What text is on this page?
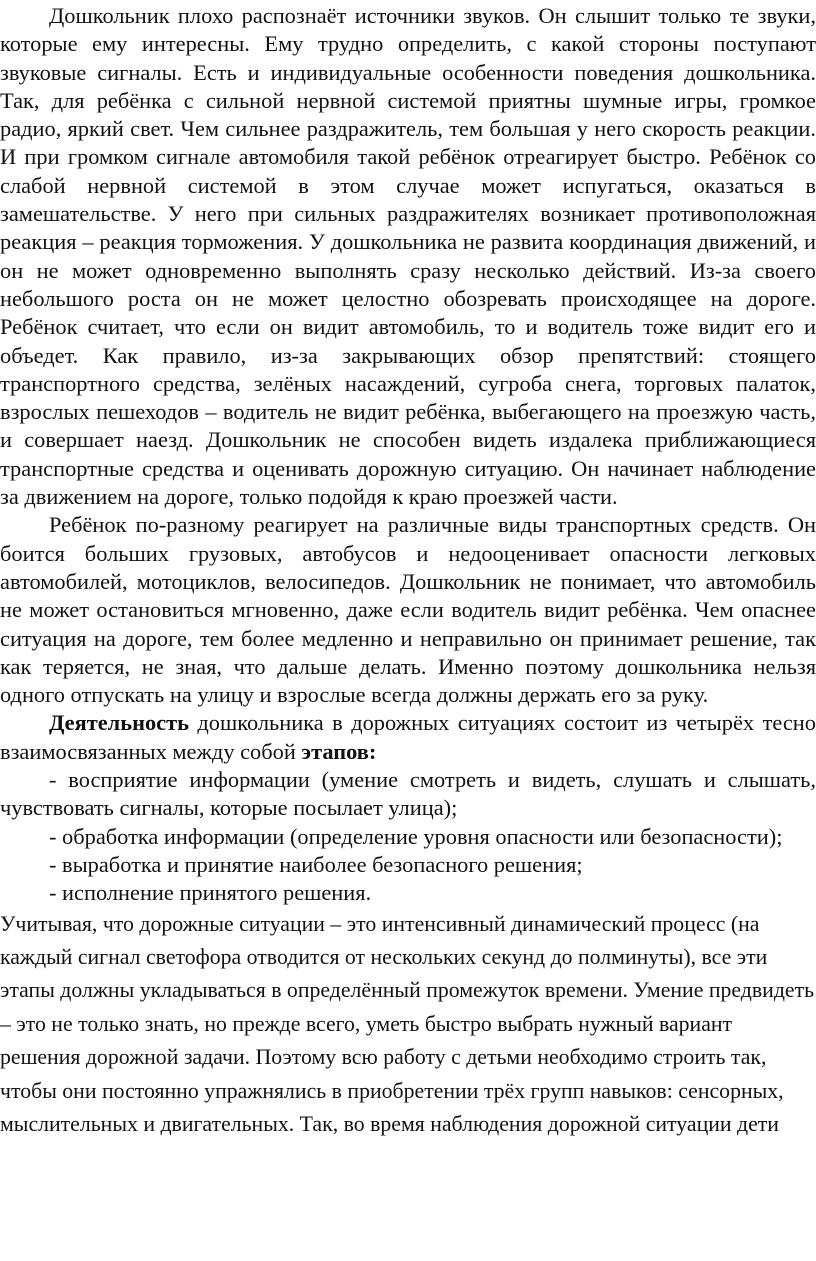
Дошкольник плохо распознаёт источники звуков. Он слышит только те звуки, которые ему интересны. Ему трудно определить, с какой стороны поступают звуковые сигналы. Есть и индивидуальные особенности поведения дошкольника. Так, для ребёнка с сильной нервной системой приятны шумные игры, громкое радио, яркий свет. Чем сильнее раздражитель, тем большая у него скорость реакции. И при громком сигнале автомобиля такой ребёнок отреагирует быстро. Ребёнок со слабой нервной системой в этом случае может испугаться, оказаться в замешательстве. У него при сильных раздражителях возникает противоположная реакция – реакция торможения. У дошкольника не развита координация движений, и он не может одновременно выполнять сразу несколько действий. Из-за своего небольшого роста он не может целостно обозревать происходящее на дороге. Ребёнок считает, что если он видит автомобиль, то и водитель тоже видит его и объедет. Как правило, из-за закрывающих обзор препятствий: стоящего транспортного средства, зелёных насаждений, сугроба снега, торговых палаток, взрослых пешеходов – водитель не видит ребёнка, выбегающего на проезжую часть, и совершает наезд. Дошкольник не способен видеть издалека приближающиеся транспортные средства и оценивать дорожную ситуацию. Он начинает наблюдение за движением на дороге, только подойдя к краю проезжей части.

Ребёнок по-разному реагирует на различные виды транспортных средств. Он боится больших грузовых, автобусов и недооценивает опасности легковых автомобилей, мотоциклов, велосипедов. Дошкольник не понимает, что автомобиль не может остановиться мгновенно, даже если водитель видит ребёнка. Чем опаснее ситуация на дороге, тем более медленно и неправильно он принимает решение, так как теряется, не зная, что дальше делать. Именно поэтому дошкольника нельзя одного отпускать на улицу и взрослые всегда должны держать его за руку.

Деятельность дошкольника в дорожных ситуациях состоит из четырёх тесно взаимосвязанных между собой этапов:

- восприятие информации (умение смотреть и видеть, слушать и слышать, чувствовать сигналы, которые посылает улица);

- обработка информации (определение уровня опасности или безопасности);

- выработка и принятие наиболее безопасного решения;

- исполнение принятого решения.

Учитывая, что дорожные ситуации – это интенсивный динамический процесс (на каждый сигнал светофора отводится от нескольких секунд до полминуты), все эти этапы должны укладываться в определённый промежуток времени. Умение предвидеть – это не только знать, но прежде всего, уметь быстро выбрать нужный вариант решения дорожной задачи. Поэтому всю работу с детьми необходимо строить так, чтобы они постоянно упражнялись в приобретении трёх групп навыков: сенсорных, мыслительных и двигательных. Так, во время наблюдения дорожной ситуации дети
